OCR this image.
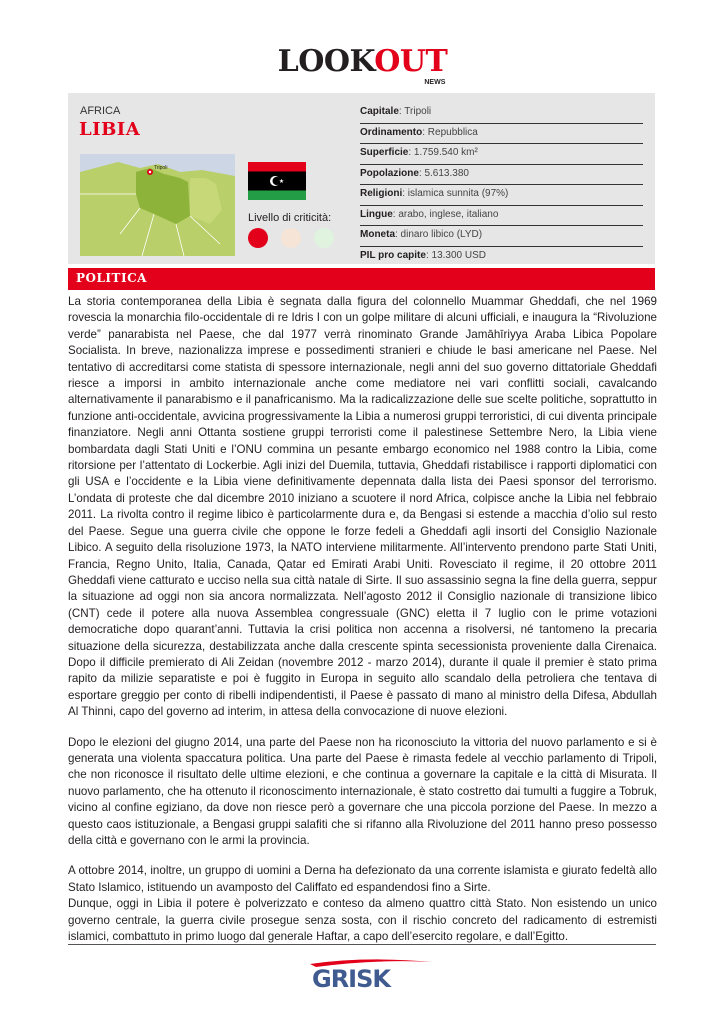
LOOKOUT
NEWS
AFRICA
LIBIA
Tripoli
Livello di criticità:
Capitale: Tripoli
Ordinamento: Repubblica
Superficie: 1.759.540 km²
Popolazione: 5.613.380
Religioni: islamica sunnita (97%)
Lingue: arabo, inglese, italiano
Moneta: dinaro libico (LYD)
PIL pro capite: 13.300 USD
POLITICA

La storia contemporanea della Libia è segnata dalla figura del colonnello Muammar Gheddafi, che nel 1969 rovescia la monarchia filo-occidentale di re Idris I con un golpe militare di alcuni ufficiali, e inaugura la “Rivoluzione verde” panarabista nel Paese, che dal 1977 verrà rinominato Grande Jamāhīriyya Araba Libica Popolare Socialista. In breve, nazionalizza imprese e possedimenti stranieri e chiude le basi americane nel Paese. Nel tentativo di accreditarsi come statista di spessore internazionale, negli anni del suo governo dittatoriale Gheddafi riesce a imporsi in ambito internazionale anche come mediatore nei vari conflitti sociali, cavalcando alternativamente il panarabismo e il panafricanismo. Ma la radicalizzazione delle sue scelte politiche, soprattutto in funzione anti-occidentale, avvicina progressivamente la Libia a numerosi gruppi terroristici, di cui diventa principale finanziatore. Negli anni Ottanta sostiene gruppi terroristi come il palestinese Settembre Nero, la Libia viene bombardata dagli Stati Uniti e l’ONU commina un pesante embargo economico nel 1988 contro la Libia, come ritorsione per l’attentato di Lockerbie. Agli inizi del Duemila, tuttavia, Gheddafi ristabilisce i rapporti diplomatici con gli USA e l’occidente e la Libia viene definitivamente depennata dalla lista dei Paesi sponsor del terrorismo. L’ondata di proteste che dal dicembre 2010 iniziano a scuotere il nord Africa, colpisce anche la Libia nel febbraio 2011. La rivolta contro il regime libico è particolarmente dura e, da Bengasi si estende a macchia d’olio sul resto del Paese. Segue una guerra civile che oppone le forze fedeli a Gheddafi agli insorti del Consiglio Nazionale Libico. A seguito della risoluzione 1973, la NATO interviene militarmente. All’intervento prendono parte Stati Uniti, Francia, Regno Unito, Italia, Canada, Qatar ed Emirati Arabi Uniti. Rovesciato il regime, il 20 ottobre 2011 Gheddafi viene catturato e ucciso nella sua città natale di Sirte. Il suo assassinio segna la fine della guerra, seppur la situazione ad oggi non sia ancora normalizzata. Nell’agosto 2012 il Consiglio nazionale di transizione libico (CNT) cede il potere alla nuova Assemblea congressuale (GNC) eletta il 7 luglio con le prime votazioni democratiche dopo quarant’anni. Tuttavia la crisi politica non accenna a risolversi, né tantomeno la precaria situazione della sicurezza, destabilizzata anche dalla crescente spinta secessionista proveniente dalla Cirenaica. Dopo il difficile premierato di Ali Zeidan (novembre 2012 - marzo 2014), durante il quale il premier è stato prima rapito da milizie separatiste e poi è fuggito in Europa in seguito allo scandalo della petroliera che tentava di esportare greggio per conto di ribelli indipendentisti, il Paese è passato di mano al ministro della Difesa, Abdullah Al Thinni, capo del governo ad interim, in attesa della convocazione di nuove elezioni.

Dopo le elezioni del giugno 2014, una parte del Paese non ha riconosciuto la vittoria del nuovo parlamento e si è generata una violenta spaccatura politica. Una parte del Paese è rimasta fedele al vecchio parlamento di Tripoli, che non riconosce il risultato delle ultime elezioni, e che continua a governare la capitale e la città di Misurata. Il nuovo parlamento, che ha ottenuto il riconoscimento internazionale, è stato costretto dai tumulti a fuggire a Tobruk, vicino al confine egiziano, da dove non riesce però a governare che una piccola porzione del Paese. In mezzo a questo caos istituzionale, a Bengasi gruppi salafiti che si rifanno alla Rivoluzione del 2011 hanno preso possesso della città e governano con le armi la provincia.

A ottobre 2014, inoltre, un gruppo di uomini a Derna ha defezionato da una corrente islamista e giurato fedeltà allo Stato Islamico, istituendo un avamposto del Califfato ed espandendosi fino a Sirte.

Dunque, oggi in Libia il potere è polverizzato e conteso da almeno quattro città Stato. Non esistendo un unico governo centrale, la guerra civile prosegue senza sosta, con il rischio concreto del radicamento di estremisti islamici, combattuto in primo luogo dal generale Haftar, a capo dell’esercito regolare, e dall’Egitto.

GRISK
